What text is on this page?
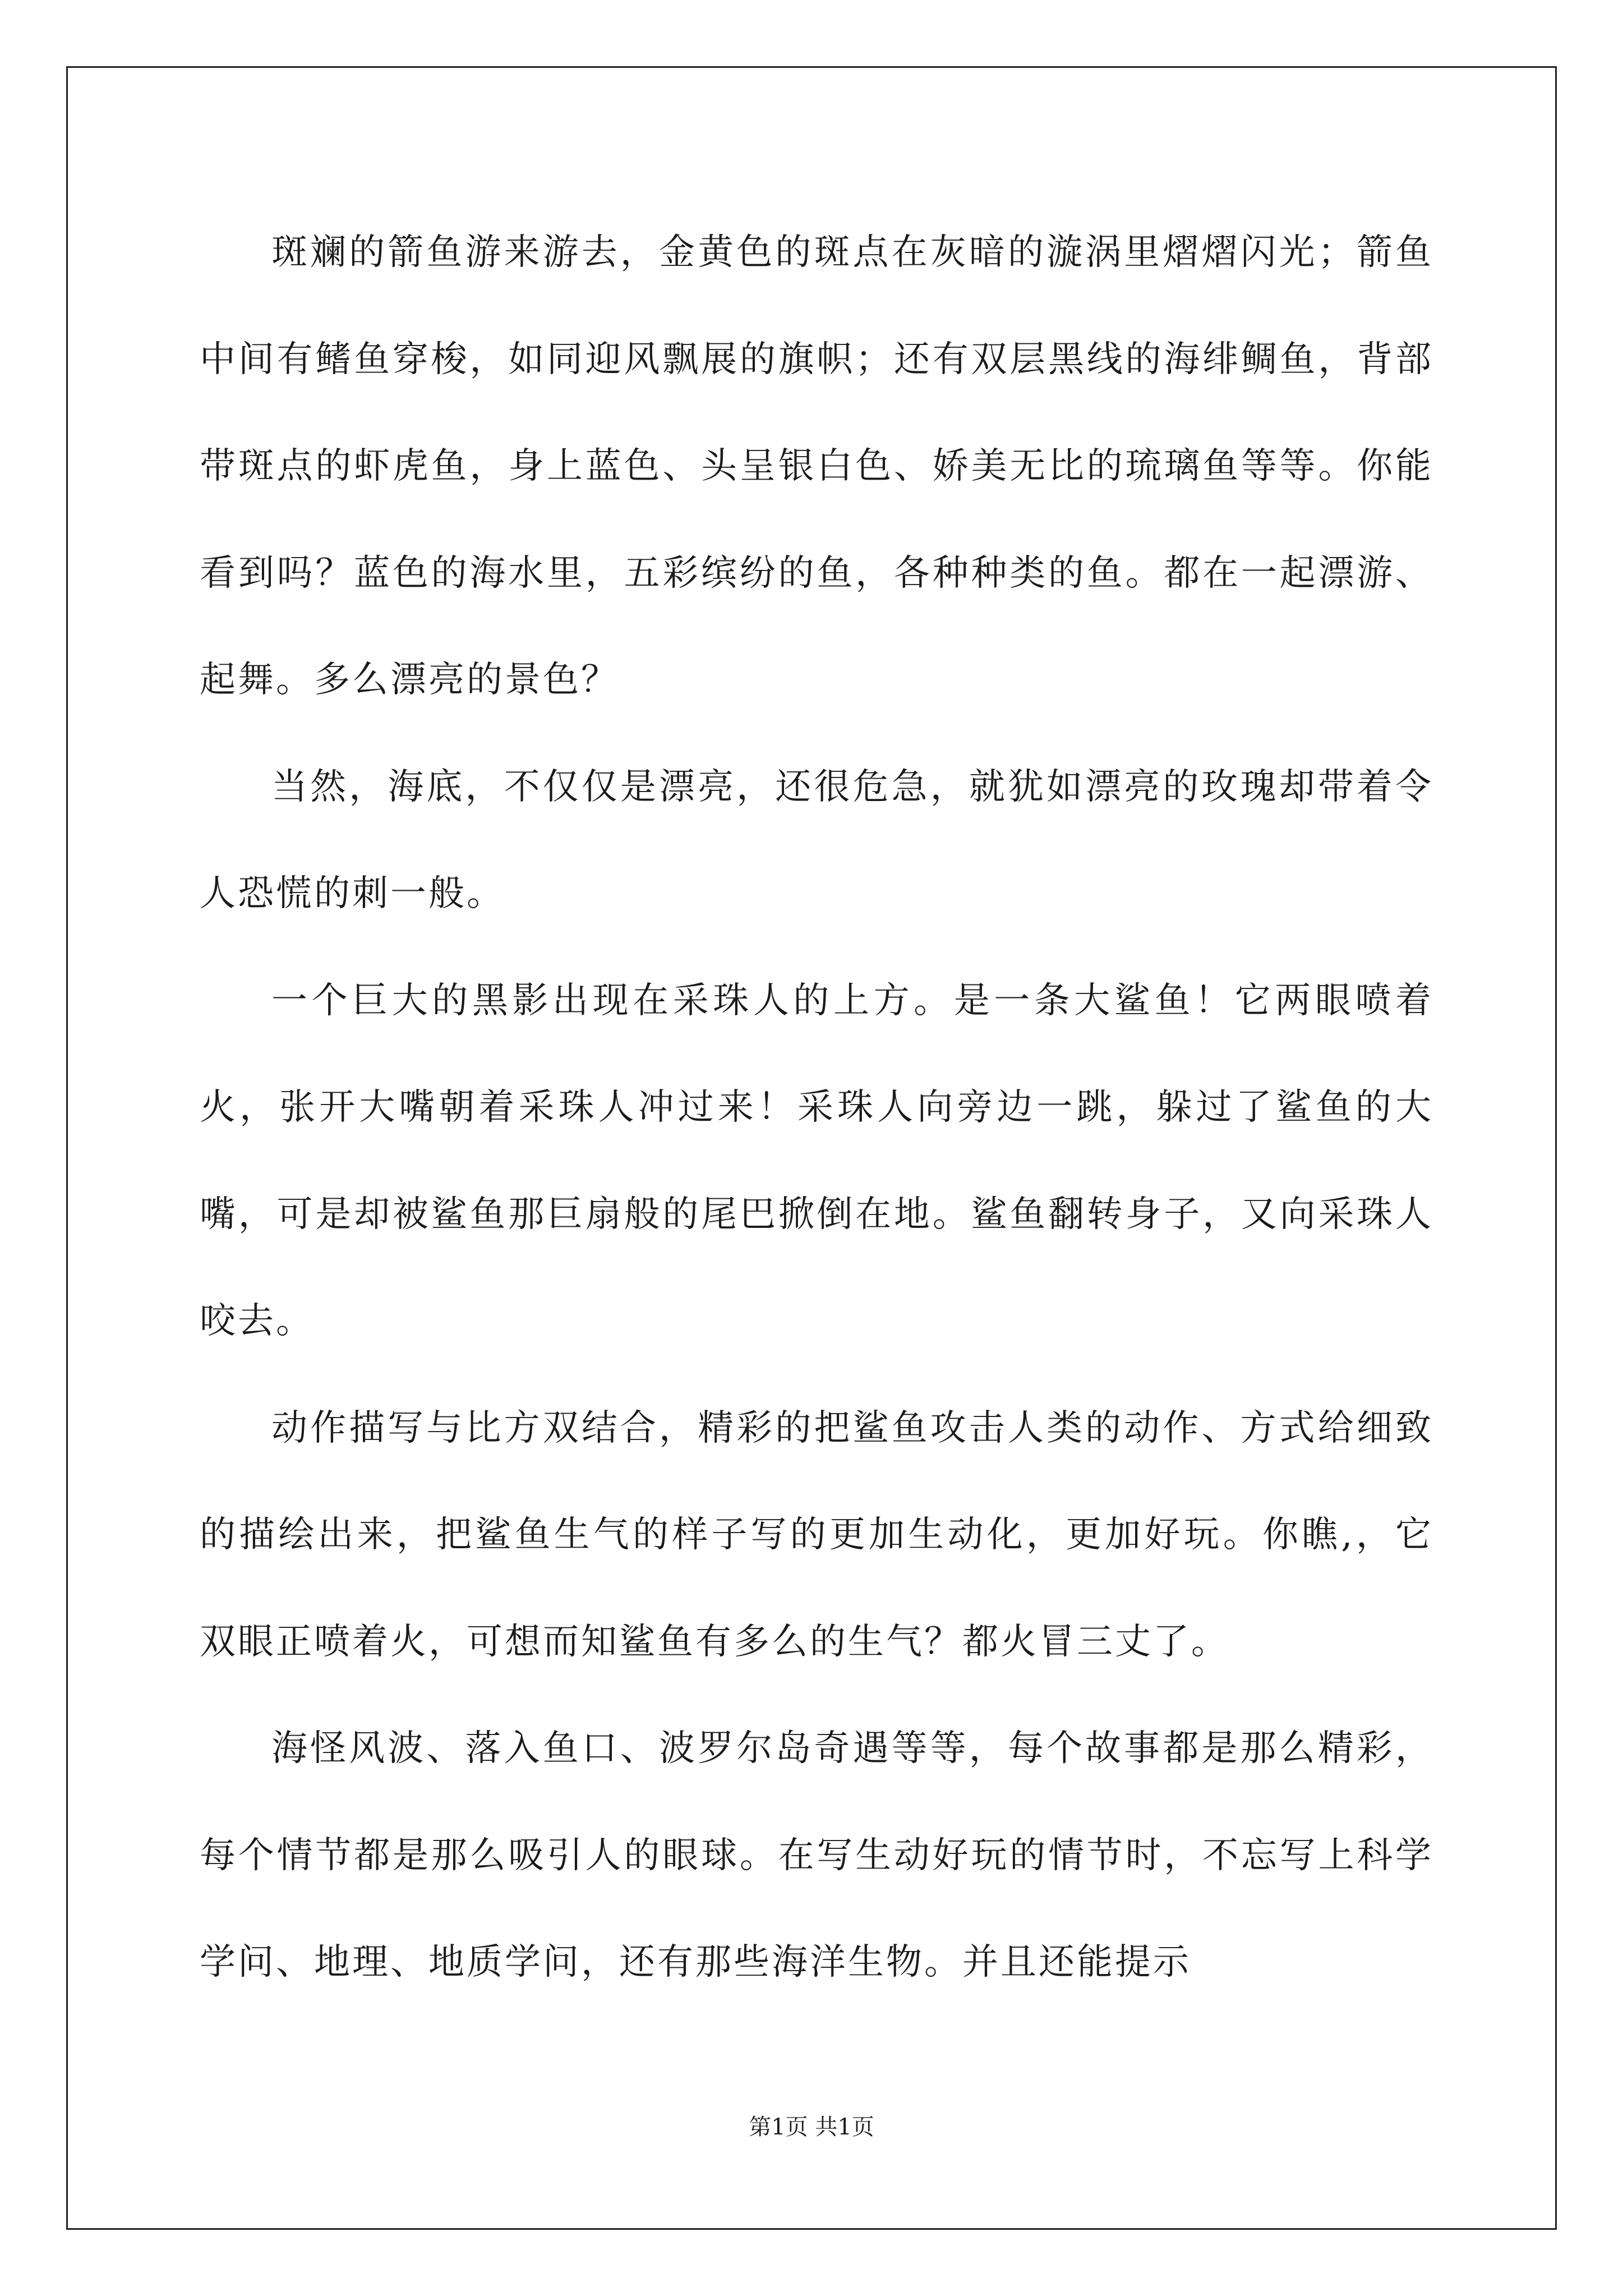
斑斓的箭鱼游来游去，金黄色的斑点在灰暗的漩涡里熠熠闪光；箭鱼中间有鳍鱼穿梭，如同迎风飘展的旗帜；还有双层黑线的海绯鲷鱼，背部带斑点的虾虎鱼，身上蓝色、头呈银白色、娇美无比的琉璃鱼等等。你能看到吗？蓝色的海水里，五彩缤纷的鱼，各种种类的鱼。都在一起漂游、起舞。多么漂亮的景色？

当然，海底，不仅仅是漂亮，还很危急，就犹如漂亮的玫瑰却带着令人恐慌的刺一般。

一个巨大的黑影出现在采珠人的上方。是一条大鲨鱼！它两眼喷着火，张开大嘴朝着采珠人冲过来！采珠人向旁边一跳，躲过了鲨鱼的大嘴，可是却被鲨鱼那巨扇般的尾巴掀倒在地。鲨鱼翻转身子，又向采珠人咬去。

动作描写与比方双结合，精彩的把鲨鱼攻击人类的动作、方式给细致的描绘出来，把鲨鱼生气的样子写的更加生动化，更加好玩。你瞧,，它双眼正喷着火，可想而知鲨鱼有多么的生气？都火冒三丈了。

海怪风波、落入鱼口、波罗尔岛奇遇等等，每个故事都是那么精彩，每个情节都是那么吸引人的眼球。在写生动好玩的情节时，不忘写上科学学问、地理、地质学问，还有那些海洋生物。并且还能提示

第1页 共1页
